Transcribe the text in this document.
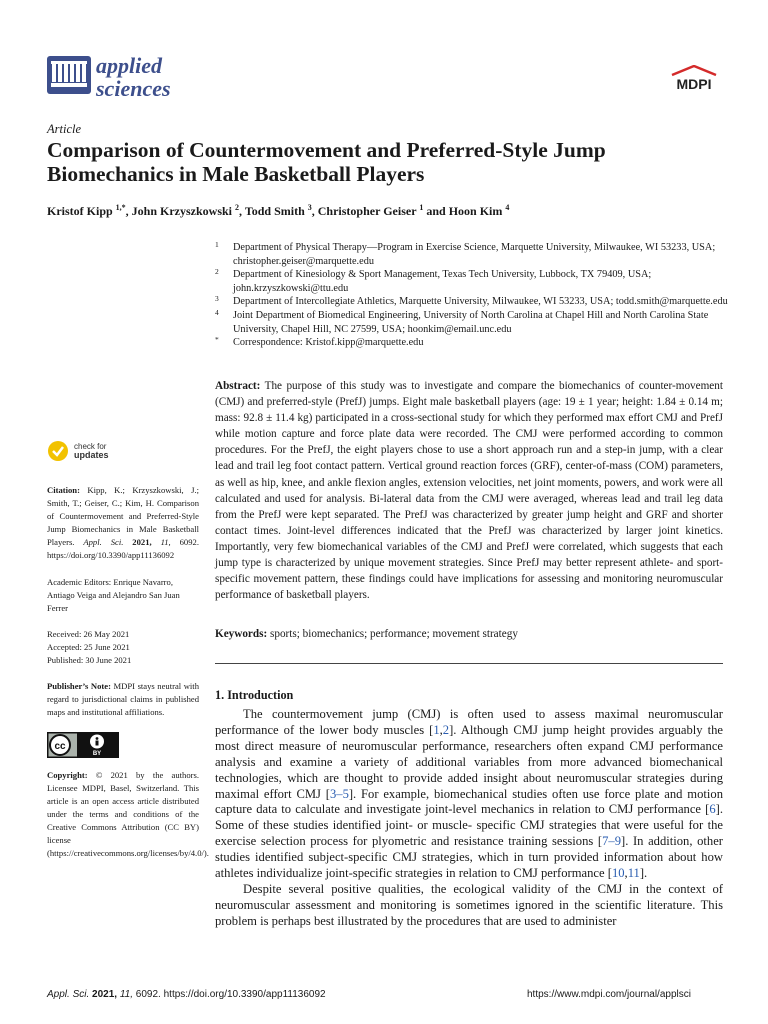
applied
sciences	MDPI
Article
Comparison of Countermovement and Preferred-Style Jump Biomechanics in Male Basketball Players
Kristof Kipp $^{1,*}$, John Krzyszkowski $^2$, Todd Smith $^3$, Christopher Geiser $^1$ and Hoon Kim $^4$
1 Department of Physical Therapy—Program in Exercise Science, Marquette University, Milwaukee, WI 53233, USA; christopher.geiser@marquette.edu
2 Department of Kinesiology & Sport Management, Texas Tech University, Lubbock, TX 79409, USA; john.krzyszkowski@ttu.edu
3 Department of Intercollegiate Athletics, Marquette University, Milwaukee, WI 53233, USA; todd.smith@marquette.edu
4 Joint Department of Biomedical Engineering, University of North Carolina at Chapel Hill and North Carolina State University, Chapel Hill, NC 27599, USA; hoonkim@email.unc.edu
* Correspondence: Kristof.kipp@marquette.edu
Abstract: The purpose of this study was to investigate and compare the biomechanics of counter-movement (CMJ) and preferred-style (PrefJ) jumps. Eight male basketball players (age: 19 ± 1 year; height: 1.84 ± 0.14 m; mass: 92.8 ± 11.4 kg) participated in a cross-sectional study for which they performed max effort CMJ and PrefJ while motion capture and force plate data were recorded. The CMJ were performed according to common procedures. For the PrefJ, the eight players chose to use a short approach run and a step-in jump, with a clear lead and trail leg foot contact pattern. Vertical ground reaction forces (GRF), center-of-mass (COM) parameters, as well as hip, knee, and ankle flexion angles, extension velocities, net joint moments, powers, and work were all calculated and used for analysis. Bi-lateral data from the CMJ were averaged, whereas lead and trail leg data from the PrefJ were kept separated. The PrefJ was characterized by greater jump height and GRF and shorter contact times. Joint-level differences indicated that the PrefJ was characterized by larger joint kinetics. Importantly, very few biomechanical variables of the CMJ and PrefJ were correlated, which suggests that each jump type is characterized by unique movement strategies. Since PrefJ may better represent athlete- and sport-specific movement pattern, these findings could have implications for assessing and monitoring neuromuscular performance of basketball players.
Keywords: sports; biomechanics; performance; movement strategy
1. Introduction

The countermovement jump (CMJ) is often used to assess maximal neuromuscular performance of the lower body muscles [1,2]. Although CMJ jump height provides arguably the most direct measure of neuromuscular performance, researchers often expand CMJ performance analysis and examine a variety of additional variables from more advanced biomechanical technologies, which are thought to provide added insight about neuromuscular strategies during maximal effort CMJ [3–5]. For example, biomechanical studies often use force plate and motion capture data to calculate and investigate joint-level mechanics in relation to CMJ performance [6]. Some of these studies identified joint- or muscle- specific CMJ strategies that were useful for the exercise selection process for plyometric and resistance training sessions [7–9]. In addition, other studies identified subject-specific CMJ strategies, which in turn provided information about how athletes individualize joint-specific strategies in relation to CMJ performance [10,11].

Despite several positive qualities, the ecological validity of the CMJ in the context of neuromuscular assessment and monitoring is sometimes ignored in the scientific literature. This problem is perhaps best illustrated by the procedures that are used to administer

check for
updates
Citation: Kipp, K.; Krzyszkowski, J.; Smith, T.; Geiser, C.; Kim, H. Comparison of Countermovement and Preferred-Style Jump Biomechanics in Male Basketball Players. Appl. Sci. 2021, 11, 6092. https://doi.org/10.3390/app11136092
Academic Editors: Enrique Navarro, Antiago Veiga and Alejandro San Juan Ferrer
Received: 26 May 2021
Accepted: 25 June 2021
Published: 30 June 2021
Publisher’s Note: MDPI stays neutral with regard to jurisdictional claims in published maps and institutional affiliations.
cc
BY
Copyright: © 2021 by the authors. Licensee MDPI, Basel, Switzerland. This article is an open access article distributed under the terms and conditions of the Creative Commons Attribution (CC BY) license (https://creativecommons.org/licenses/by/4.0/).
Appl. Sci. 2021, 11, 6092. https://doi.org/10.3390/app11136092	https://www.mdpi.com/journal/applsci
